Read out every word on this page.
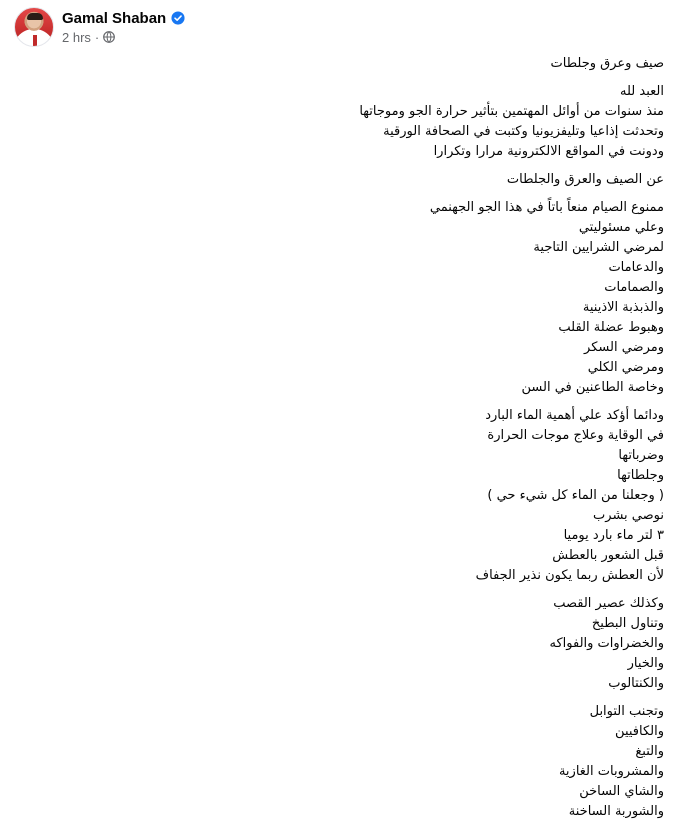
Gamal Shaban
2 hrs ·
صيف وعرق وجلطات
العبد لله
منذ سنوات من أوائل المهتمين بتأثير حرارة الجو وموجاتها
وتحدثت إذاعيا وتليفزيونيا وكتبت في الصحافة الورقية
ودونت في المواقع الالكترونية مرارا وتكرارا
عن الصيف والعرق والجلطات
ممنوع الصيام منعاً باتاً في هذا الجو الجهنمي
وعلي مسئوليتي
لمرضي الشرايين التاجية
والدعامات
والصمامات
والذبذبة الاذينية
وهبوط عضلة القلب
ومرضي السكر
ومرضي الكلي
وخاصة الطاعنين في السن
ودائما أؤكد علي أهمية الماء البارد
في الوقاية وعلاج موجات الحرارة
وضرباتها
وجلطاتها
( وجعلنا من الماء كل شيء حي )
نوصي بشرب
٣ لتر ماء بارد يوميا
قبل الشعور بالعطش
لأن العطش ربما يكون نذير الجفاف
وكذلك عصير القصب
وتناول البطيخ
والخضراوات والفواكه
والخيار
والكنتالوب
وتجنب التوابل
والكافيين
والتبغ
والمشروبات الغازية
والشاي الساخن
والشوربة الساخنة
